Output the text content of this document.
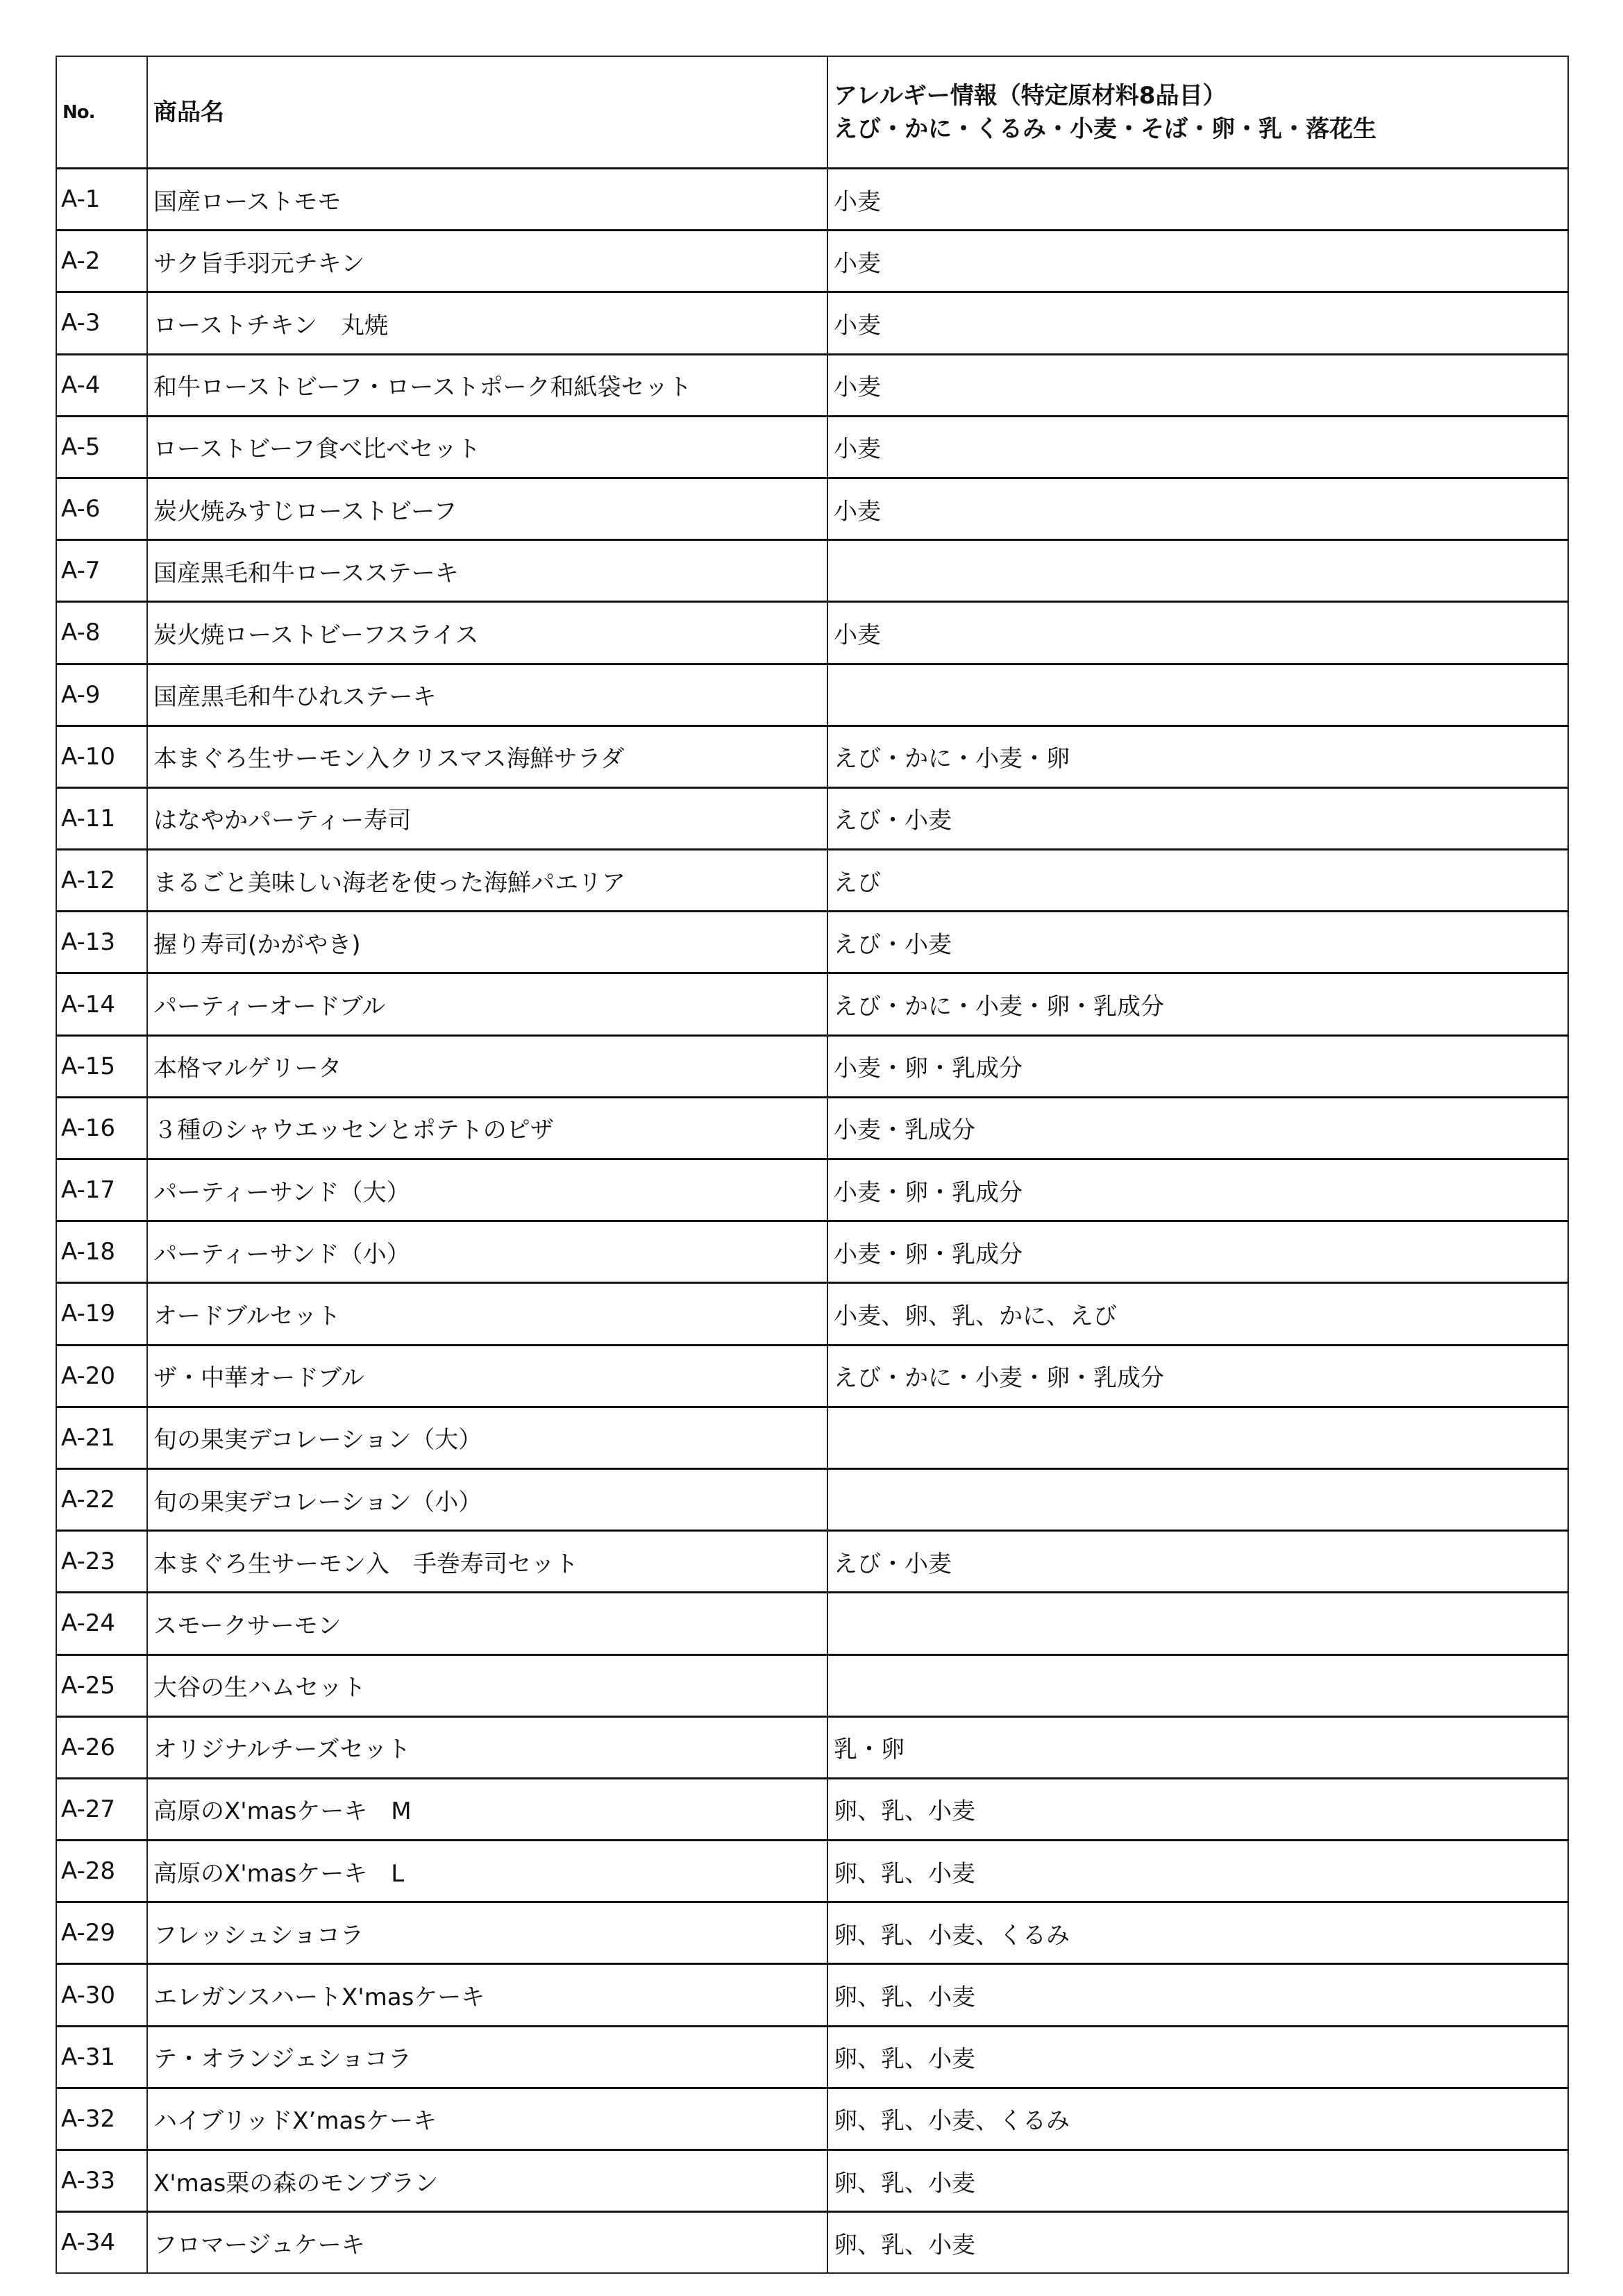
No.	商品名	アレルギー情報（特定原材料8品目）
えび・かに・くるみ・小麦・そば・卵・乳・落花生

A-1	国産ローストモモ	小麦
A-2	サク旨手羽元チキン	小麦
A-3	ローストチキン　丸焼	小麦
A-4	和牛ローストビーフ・ローストポーク和紙袋セット	小麦
A-5	ローストビーフ食べ比べセット	小麦
A-6	炭火焼みすじローストビーフ	小麦
A-7	国産黒毛和牛ロースステーキ	
A-8	炭火焼ローストビーフスライス	小麦
A-9	国産黒毛和牛ひれステーキ	
A-10	本まぐろ生サーモン入クリスマス海鮮サラダ	えび・かに・小麦・卵
A-11	はなやかパーティー寿司	えび・小麦
A-12	まるごと美味しい海老を使った海鮮パエリア	えび
A-13	握り寿司(かがやき)	えび・小麦
A-14	パーティーオードブル	えび・かに・小麦・卵・乳成分
A-15	本格マルゲリータ	小麦・卵・乳成分
A-16	３種のシャウエッセンとポテトのピザ	小麦・乳成分
A-17	パーティーサンド（大）	小麦・卵・乳成分
A-18	パーティーサンド（小）	小麦・卵・乳成分
A-19	オードブルセット	小麦、卵、乳、かに、えび
A-20	ザ・中華オードブル	えび・かに・小麦・卵・乳成分
A-21	旬の果実デコレーション（大）	
A-22	旬の果実デコレーション（小）	
A-23	本まぐろ生サーモン入　手巻寿司セット	えび・小麦
A-24	スモークサーモン	
A-25	大谷の生ハムセット	
A-26	オリジナルチーズセット	乳・卵
A-27	高原のX'masケーキ　M	卵、乳、小麦
A-28	高原のX'masケーキ　L	卵、乳、小麦
A-29	フレッシュショコラ	卵、乳、小麦、くるみ
A-30	エレガンスハートX'masケーキ	卵、乳、小麦
A-31	テ・オランジェショコラ	卵、乳、小麦
A-32	ハイブリッドX’masケーキ	卵、乳、小麦、くるみ
A-33	X'mas栗の森のモンブラン	卵、乳、小麦
A-34	フロマージュケーキ	卵、乳、小麦
